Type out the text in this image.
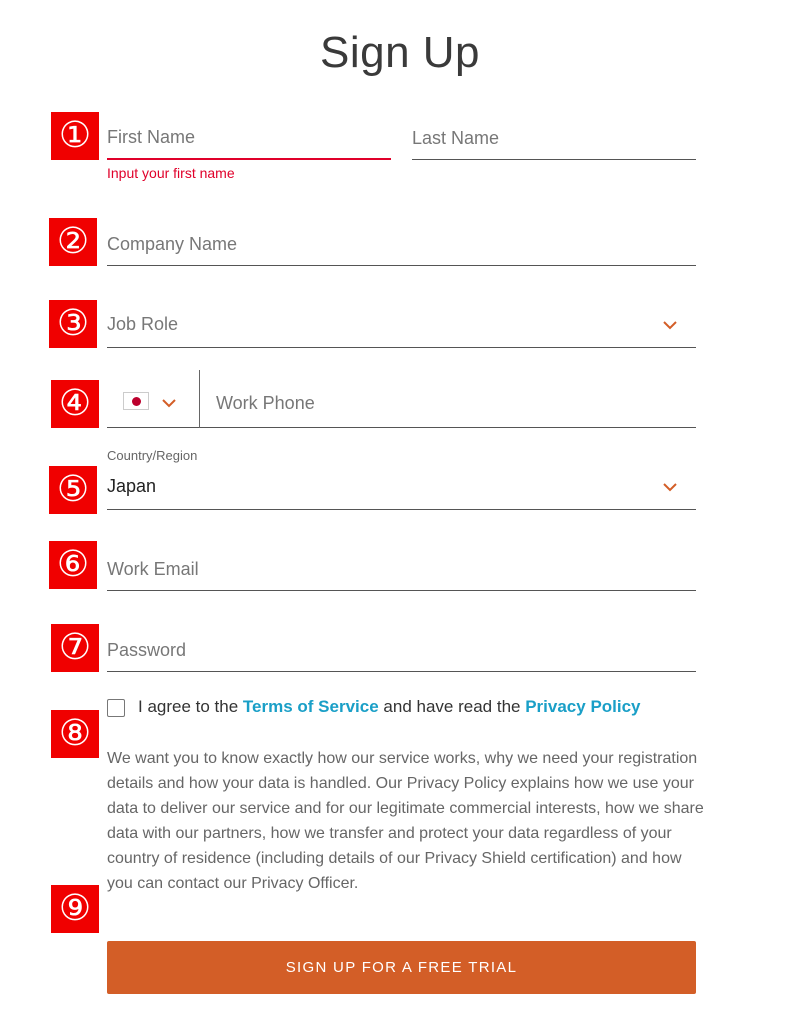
Sign Up
①
②
③
④
⑤
⑥
⑦
⑧
⑨
First Name
Input your first name
Last Name
Company Name
Job Role
Work Phone
Country/Region
Japan
Work Email
I agree to the Terms of Service and have read the Privacy Policy
We want you to know exactly how our service works, why we need your registration details and how your data is handled. Our Privacy Policy explains how we use your data to deliver our service and for our legitimate commercial interests, how we share data with our partners, how we transfer and protect your data regardless of your country of residence (including details of our Privacy Shield certification) and how you can contact our Privacy Officer.
SIGN UP FOR A FREE TRIAL
